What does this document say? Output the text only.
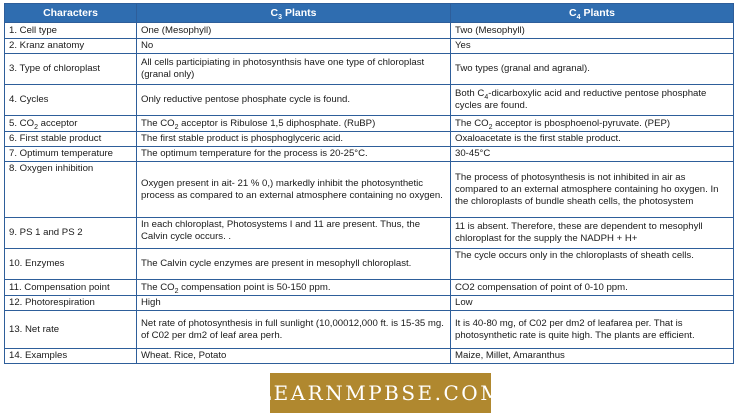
Characters	$C_3$ Plants	$C_4$ Plants
1. Cell type	One (Mesophyll)	Two (Mesophyll)
2. Kranz anatomy	No	Yes
3. Type of chloroplast	All cells participiating in photosynthsis have one type of chloroplast (granal only)	Two types (granal and agranal).
4. Cycles	Only reductive pentose phosphate cycle is found.	Both $C_4$-dicarboxylic acid and reductive pentose phosphate cycles are found.
5. $CO_2$ acceptor	The $CO_2$ acceptor is Ribulose 1,5 diphosphate. (RuBP)	The $CO_2$ acceptor is pbosphoenol-pyruvate. (PEP)
6. First stable product	The first stable product is phosphoglyceric acid.	Oxaloacetate is the first stable product.
7. Optimum temperature	The optimum temperature for the process is 20-25°C.	30-45°C
8. Oxygen inhibition	Oxygen present in ait- 21 % 0,) markedly inhibit the photosynthetic process as compared to an external atmosphere containing no oxygen.	The process of photosynthesis is not inhibited in air as compared to an external atmosphere containing ho oxygen. In the chloroplasts of bundle sheath cells, the photosystem
9. PS 1 and PS 2	In each chloroplast, Photosystems I and 11 are present. Thus, the Calvin cycle occurs. .	11 is absent. Therefore, these are dependent to mesophyll chloroplast for the supply the NADPH + H+
10. Enzymes	The Calvin cycle enzymes are present in mesophyll chloroplast.	The cycle occurs only in the chloroplasts of sheath cells.
11. Compensation point	The $CO_2$ compensation point is 50-150 ppm.	CO2 compensation of point of 0-10 ppm.
12. Photorespiration	High	Low
13. Net rate	Net rate of photosynthesis in full sunlight (10,00012,000 ft. is 15-35 mg. of C02 per dm2 of leaf area perh.	It is 40-80 mg, of C02 per dm2 of leafarea per. That is photosynthetic rate is quite high. The plants are efficient.
14. Examples	Wheat. Rice, Potato	Maize, Millet, Amaranthus
LEARNMPBSE.COM
